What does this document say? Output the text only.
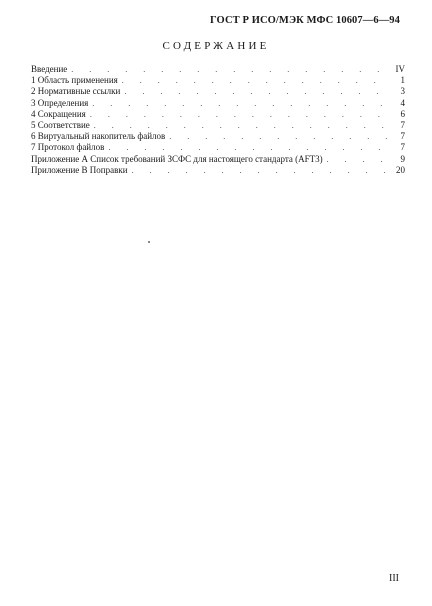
ГОСТ Р ИСО/МЭК МФС 10607—6—94
СОДЕРЖАНИЕ
Введение . . .	IV
1 Область применения . . .	1
2 Нормативные ссылки . . .	3
3 Определения . . .	4
4 Сокращения . . .	6
5 Соответствие . . .	7
6 Виртуальный накопитель файлов . . .	7
7 Протокол файлов . . .	7
Приложение А Список требований ЗСФС для настоящего стандарта (AFT3) . . .	9
Приложение В Поправки . . .	20
III
